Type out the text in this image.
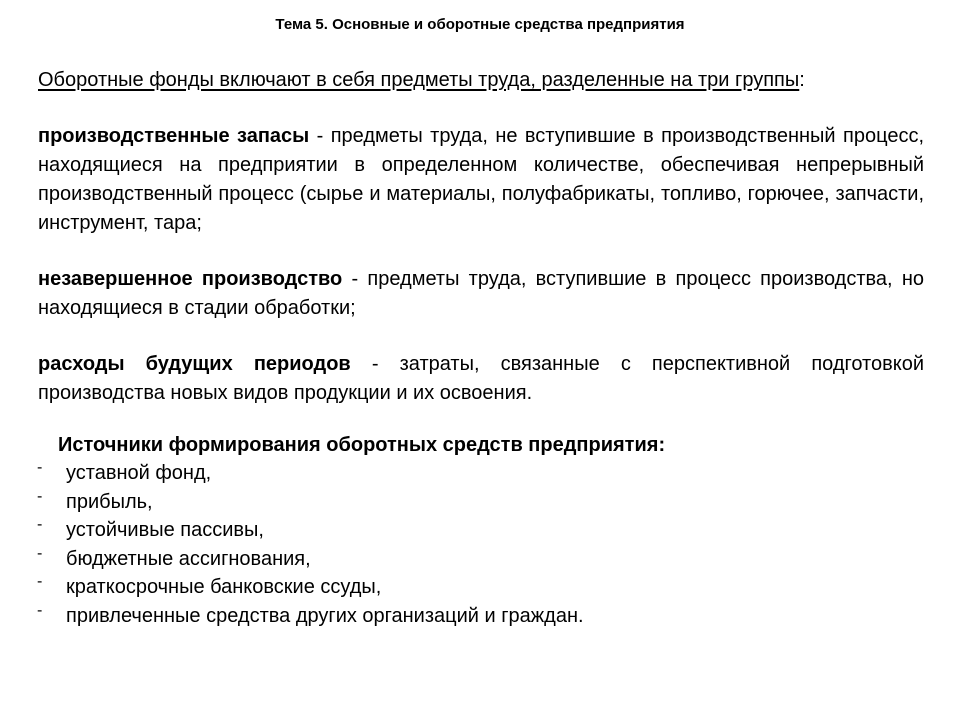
Тема 5. Основные и оборотные средства предприятия

Оборотные фонды включают в себя предметы труда, разделенные на три группы:

производственные запасы - предметы труда, не вступившие в производственный процесс, находящиеся на предприятии в определенном количестве, обеспечивая непрерывный производственный процесс (сырье и материалы, полуфабрикаты, топливо, горючее, запчасти, инструмент, тара;

незавершенное производство - предметы труда, вступившие в процесс производства, но находящиеся в стадии обработки;

расходы будущих периодов - затраты, связанные с перспективной подготовкой производства новых видов продукции и их освоения.

Источники формирования оборотных средств предприятия:
- уставной фонд,
- прибыль,
- устойчивые пассивы,
- бюджетные ассигнования,
- краткосрочные банковские ссуды,
- привлеченные средства других организаций и граждан.
